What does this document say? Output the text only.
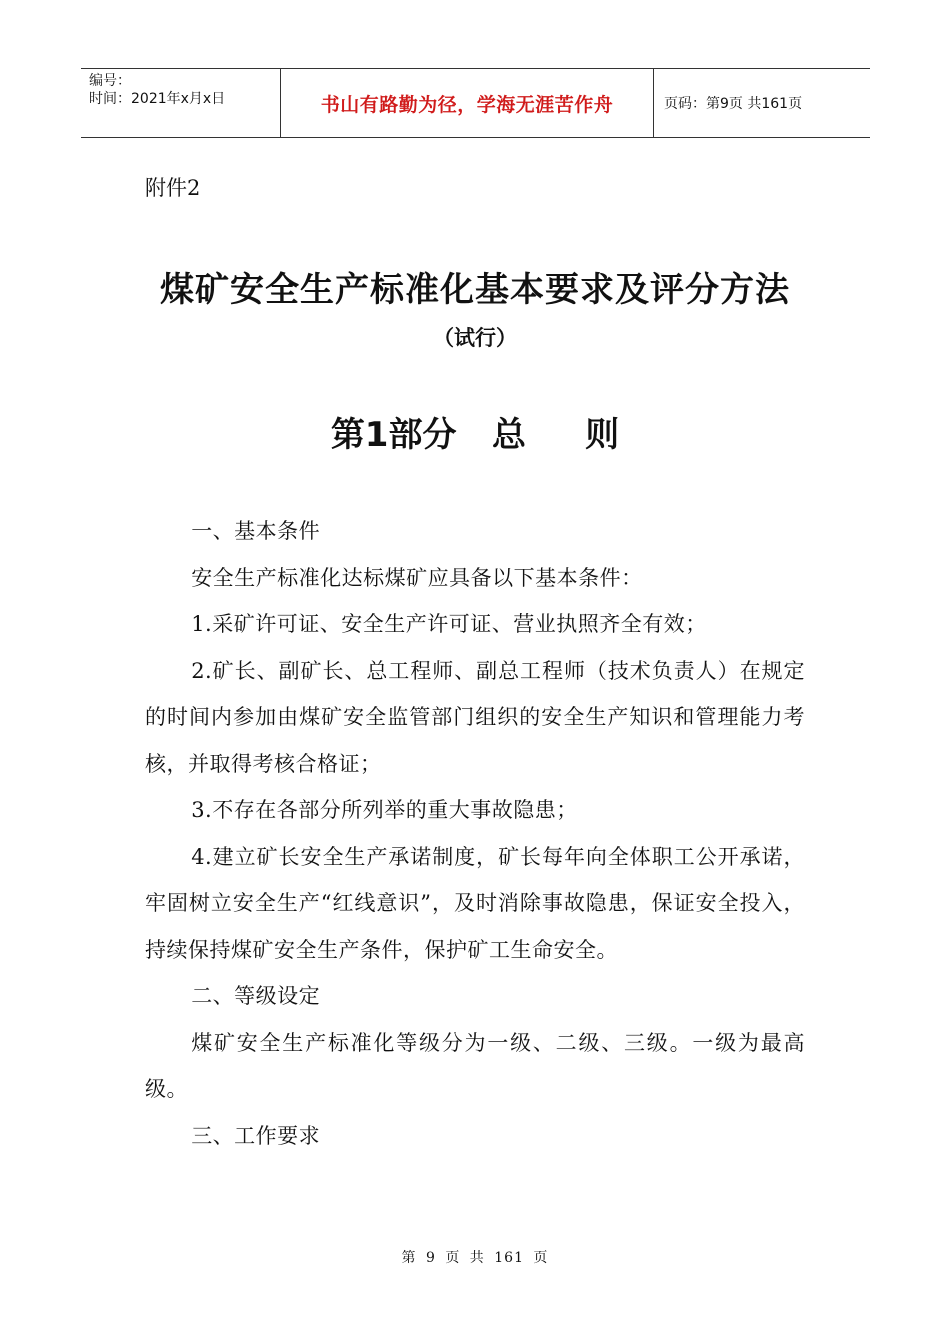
编号：
时间：2021年x月x日	书山有路勤为径，学海无涯苦作舟	页码：第9页 共161页
附件2
煤矿安全生产标准化基本要求及评分方法
（试行）
第1部分   总     则

一、基本条件

安全生产标准化达标煤矿应具备以下基本条件：

1.采矿许可证、安全生产许可证、营业执照齐全有效；

2.矿长、副矿长、总工程师、副总工程师（技术负责人）在规定的时间内参加由煤矿安全监管部门组织的安全生产知识和管理能力考核，并取得考核合格证；

3.不存在各部分所列举的重大事故隐患；

4.建立矿长安全生产承诺制度，矿长每年向全体职工公开承诺，牢固树立安全生产“红线意识”，及时消除事故隐患，保证安全投入，持续保持煤矿安全生产条件，保护矿工生命安全。

二、等级设定

煤矿安全生产标准化等级分为一级、二级、三级。一级为最高级。

三、工作要求

第 9 页 共 161 页
